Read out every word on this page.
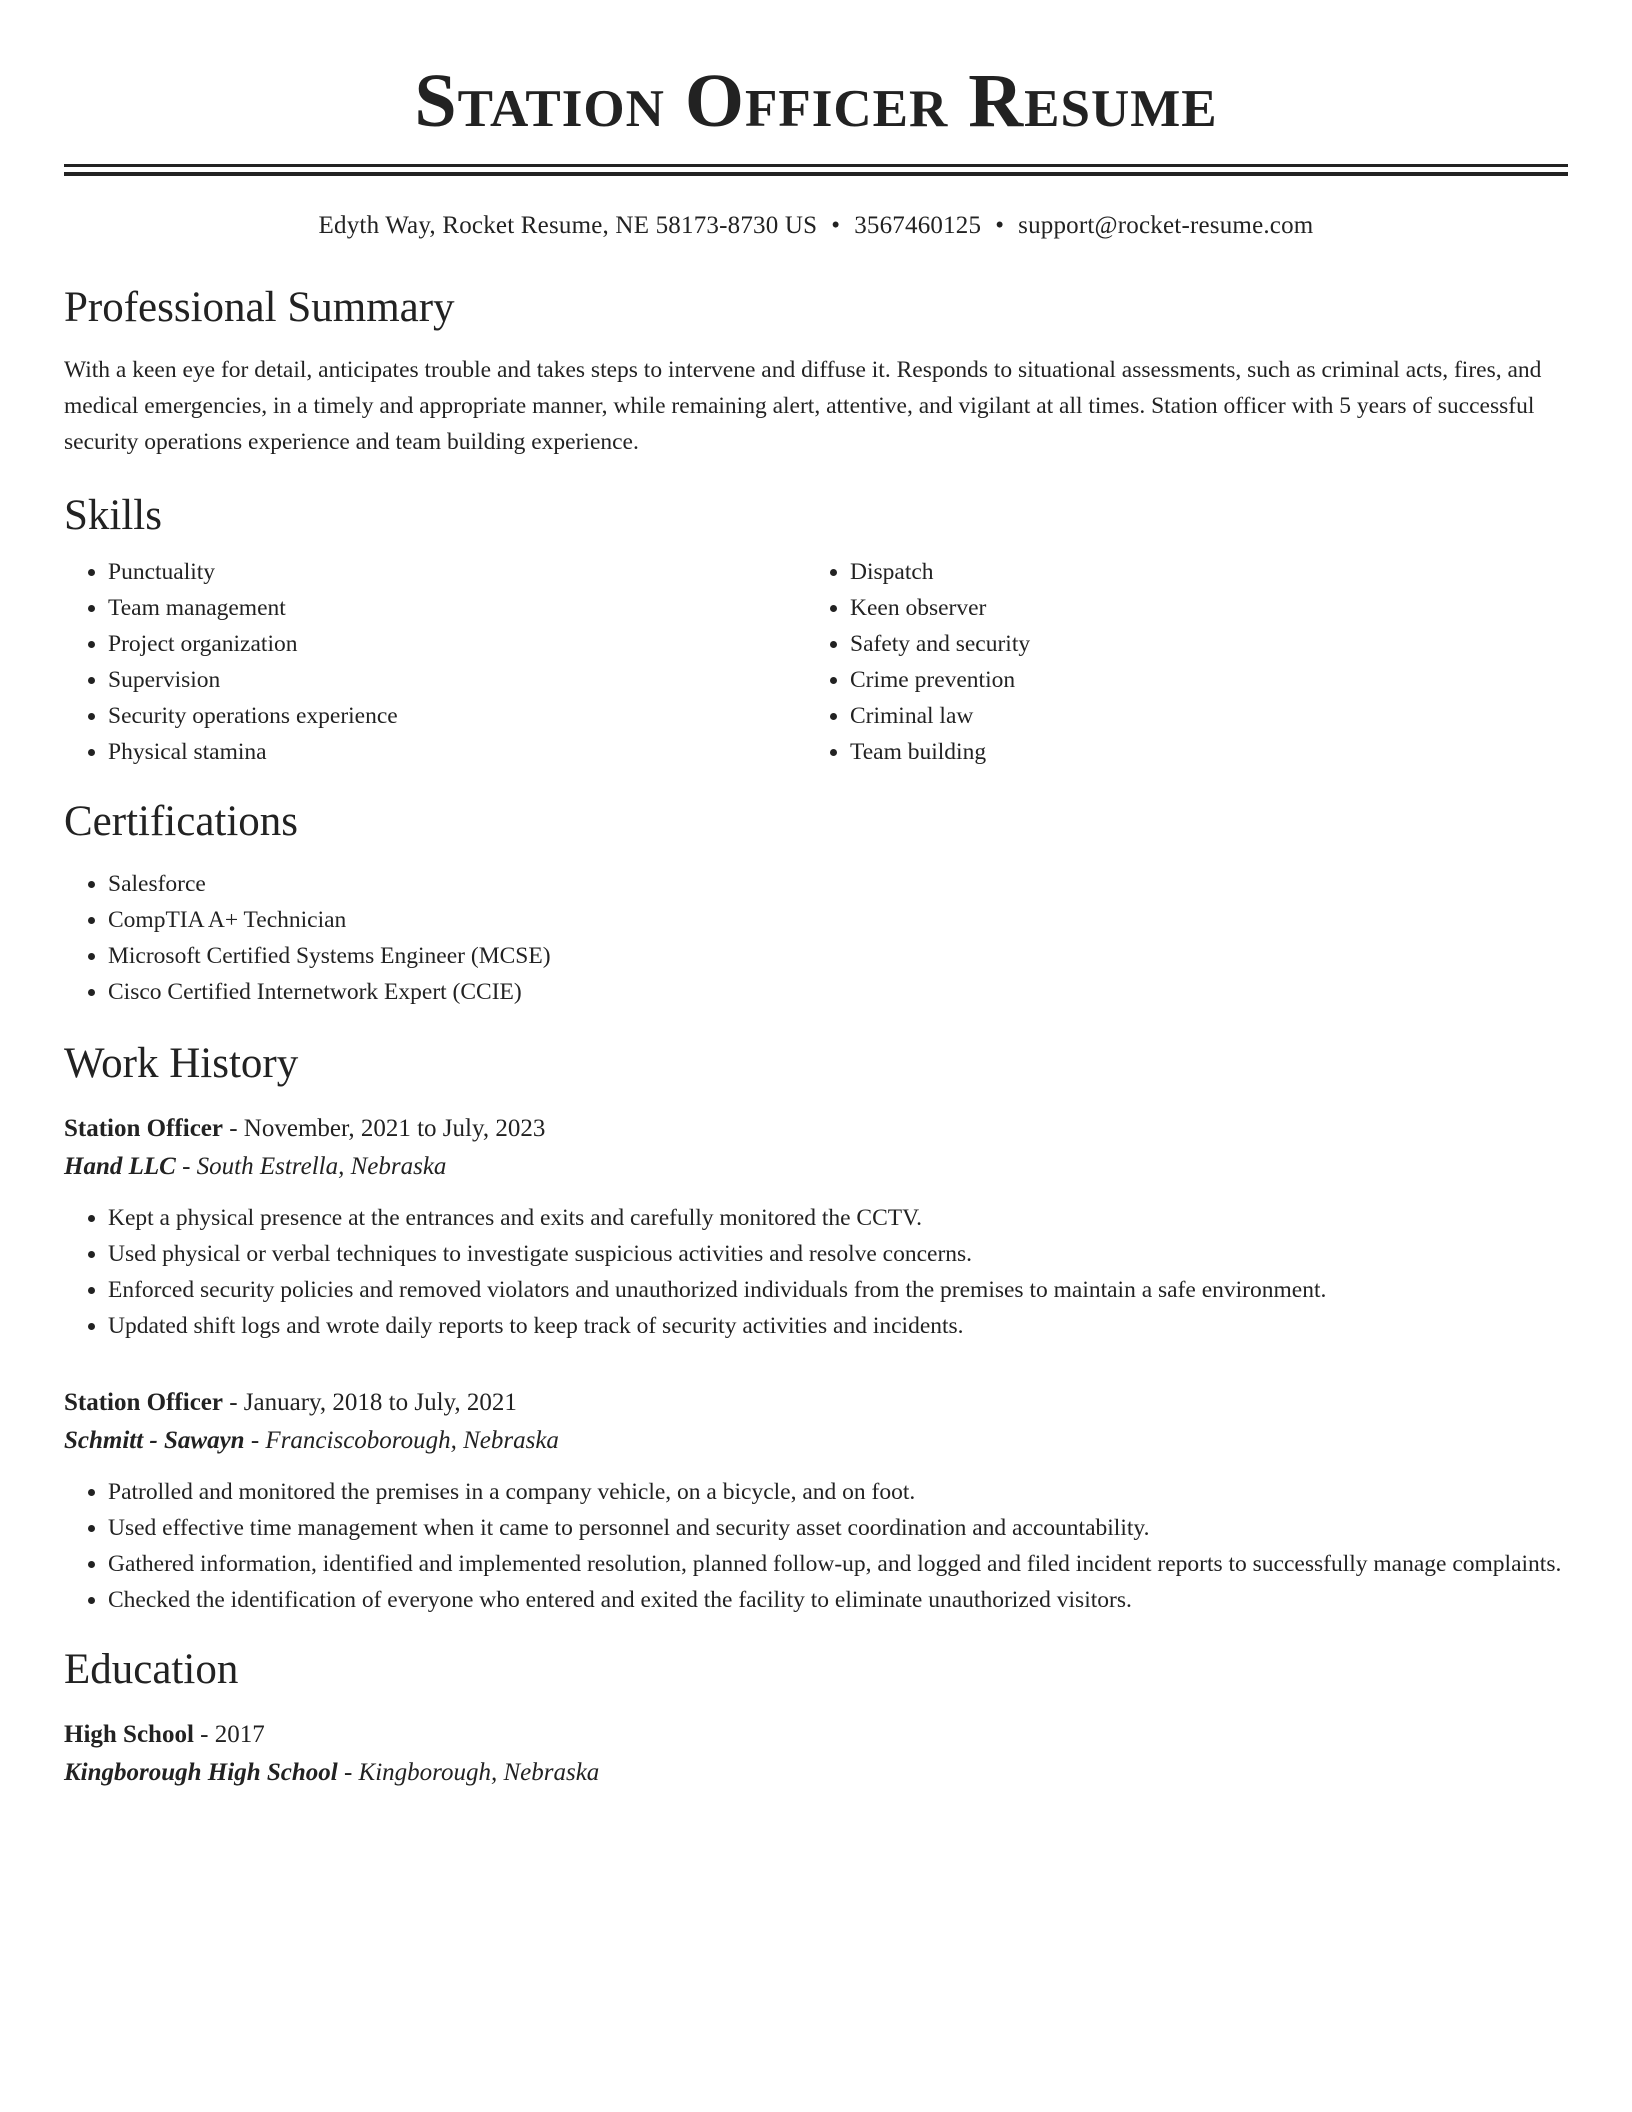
Station Officer Resume
Edyth Way, Rocket Resume, NE 58173-8730 US • 3567460125 • support@rocket-resume.com
Professional Summary

With a keen eye for detail, anticipates trouble and takes steps to intervene and diffuse it. Responds to situational assessments, such as criminal acts, fires, and medical emergencies, in a timely and appropriate manner, while remaining alert, attentive, and vigilant at all times. Station officer with 5 years of successful security operations experience and team building experience.

Skills
• Punctuality
• Team management
• Project organization
• Supervision
• Security operations experience
• Physical stamina
• Dispatch
• Keen observer
• Safety and security
• Crime prevention
• Criminal law
• Team building
Certifications
• Salesforce
• CompTIA A+ Technician
• Microsoft Certified Systems Engineer (MCSE)
• Cisco Certified Internetwork Expert (CCIE)
Work History
Station Officer - November, 2021 to July, 2023
Hand LLC - South Estrella, Nebraska
• Kept a physical presence at the entrances and exits and carefully monitored the CCTV.
• Used physical or verbal techniques to investigate suspicious activities and resolve concerns.
• Enforced security policies and removed violators and unauthorized individuals from the premises to maintain a safe environment.
• Updated shift logs and wrote daily reports to keep track of security activities and incidents.
Station Officer - January, 2018 to July, 2021
Schmitt - Sawayn - Franciscoborough, Nebraska
• Patrolled and monitored the premises in a company vehicle, on a bicycle, and on foot.
• Used effective time management when it came to personnel and security asset coordination and accountability.
• Gathered information, identified and implemented resolution, planned follow-up, and logged and filed incident reports to successfully manage complaints.
• Checked the identification of everyone who entered and exited the facility to eliminate unauthorized visitors.
Education
High School - 2017
Kingborough High School - Kingborough, Nebraska
